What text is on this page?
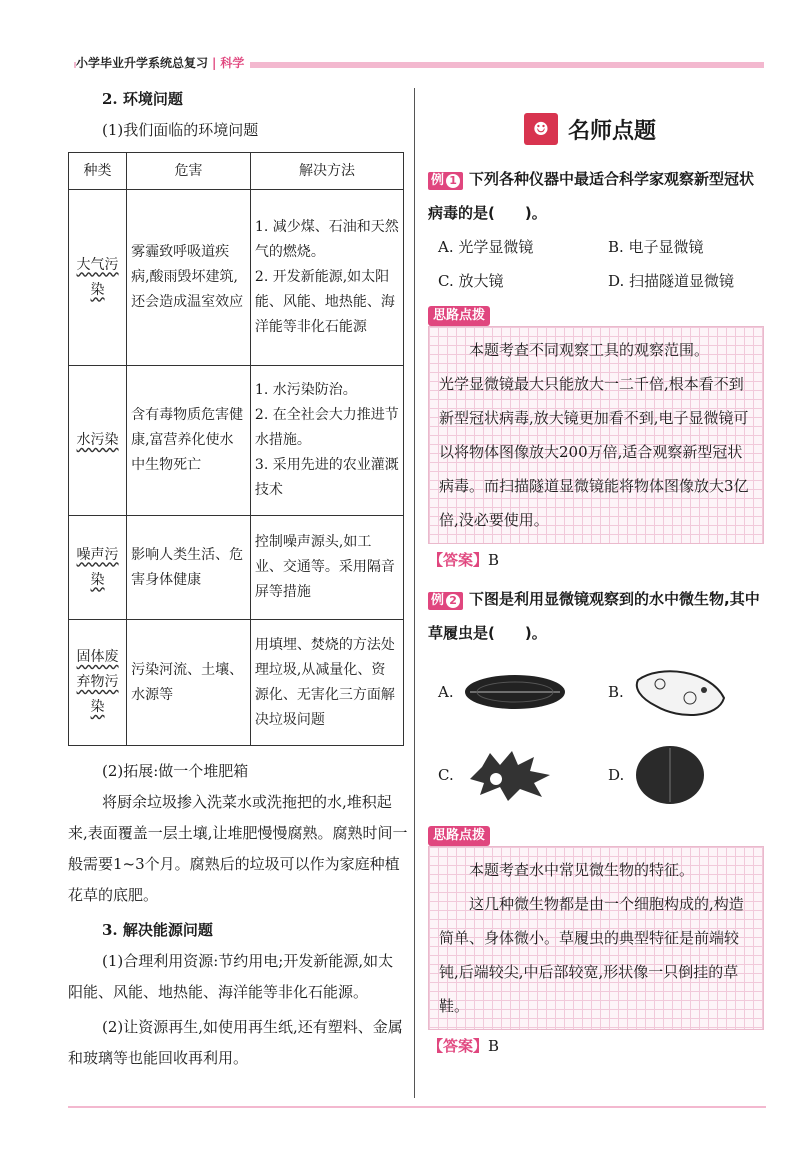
小学毕业升学系统总复习 | 科学
2. 环境问题
(1)我们面临的环境问题
种类	危害	解决方法
大气污染	雾霾致呼吸道疾病,酸雨毁坏建筑,还会造成温室效应	1. 减少煤、石油和天然气的燃烧。
2. 开发新能源,如太阳能、风能、地热能、海洋能等非化石能源
水污染	含有毒物质危害健康,富营养化使水中生物死亡	1. 水污染防治。
2. 在全社会大力推进节水措施。
3. 采用先进的农业灌溉技术
噪声污染	影响人类生活、危害身体健康	控制噪声源头,如工业、交通等。采用隔音屏等措施
固体废弃物污染	污染河流、土壤、水源等	用填埋、焚烧的方法处理垃圾,从减量化、资源化、无害化三方面解决垃圾问题
(2)拓展:做一个堆肥箱
将厨余垃圾掺入洗菜水或洗拖把的水,堆积起来,表面覆盖一层土壤,让堆肥慢慢腐熟。腐熟时间一般需要1~3个月。腐熟后的垃圾可以作为家庭种植花草的底肥。
3. 解决能源问题
(1)合理利用资源:节约用电;开发新能源,如太阳能、风能、地热能、海洋能等非化石能源。
(2)让资源再生,如使用再生纸,还有塑料、金属和玻璃等也能回收再利用。
☻ 名师点题
例 1 下列各种仪器中最适合科学家观察新型冠状病毒的是(　　)。
A. 光学显微镜	B. 电子显微镜
C. 放大镜	D. 扫描隧道显微镜
思路点拨
本题考查不同观察工具的观察范围。
光学显微镜最大只能放大一二千倍,根本看不到新型冠状病毒,放大镜更加看不到,电子显微镜可以将物体图像放大200万倍,适合观察新型冠状病毒。而扫描隧道显微镜能将物体图像放大3亿倍,没必要使用。
【答案】B
例 2 下图是利用显微镜观察到的水中微生物,其中草履虫是(　　)。
A.	B.
C.	D.
思路点拨
本题考查水中常见微生物的特征。
这几种微生物都是由一个细胞构成的,构造简单、身体微小。草履虫的典型特征是前端较钝,后端较尖,中后部较宽,形状像一只倒挂的草鞋。
【答案】B
